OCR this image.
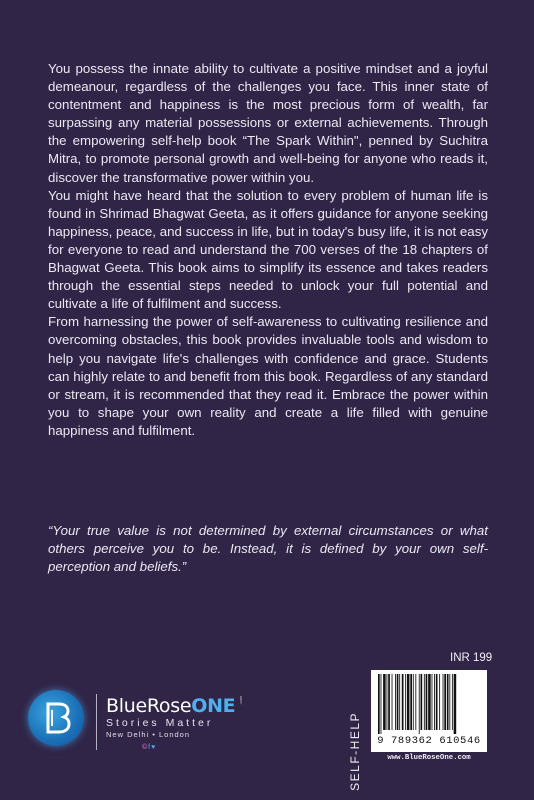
You possess the innate ability to cultivate a positive mindset and a joyful demeanour, regardless of the challenges you face. This inner state of contentment and happiness is the most precious form of wealth, far surpassing any material possessions or external achievements. Through the empowering self-help book “The Spark Within", penned by Suchitra Mitra, to promote personal growth and well-being for anyone who reads it, discover the transformative power within you.

You might have heard that the solution to every problem of human life is found in Shrimad Bhagwat Geeta, as it offers guidance for anyone seeking happiness, peace, and success in life, but in today's busy life, it is not easy for everyone to read and understand the 700 verses of the 18 chapters of Bhagwat Geeta. This book aims to simplify its essence and takes readers through the essential steps needed to unlock your full potential and cultivate a life of fulfilment and success.

From harnessing the power of self-awareness to cultivating resilience and overcoming obstacles, this book provides invaluable tools and wisdom to help you navigate life's challenges with confidence and grace. Students can highly relate to and benefit from this book. Regardless of any standard or stream, it is recommended that they read it. Embrace the power within you to shape your own reality and create a life filled with genuine happiness and fulfilment.

“Your true value is not determined by external circumstances or what others perceive you to be. Instead, it is defined by your own self-perception and beliefs.”
BlueRoseONE .com
Stories Matter
New Delhi • London
©f♥	SELF-HELP
INR 199
9 789362 610546
www.BlueRoseOne.com
